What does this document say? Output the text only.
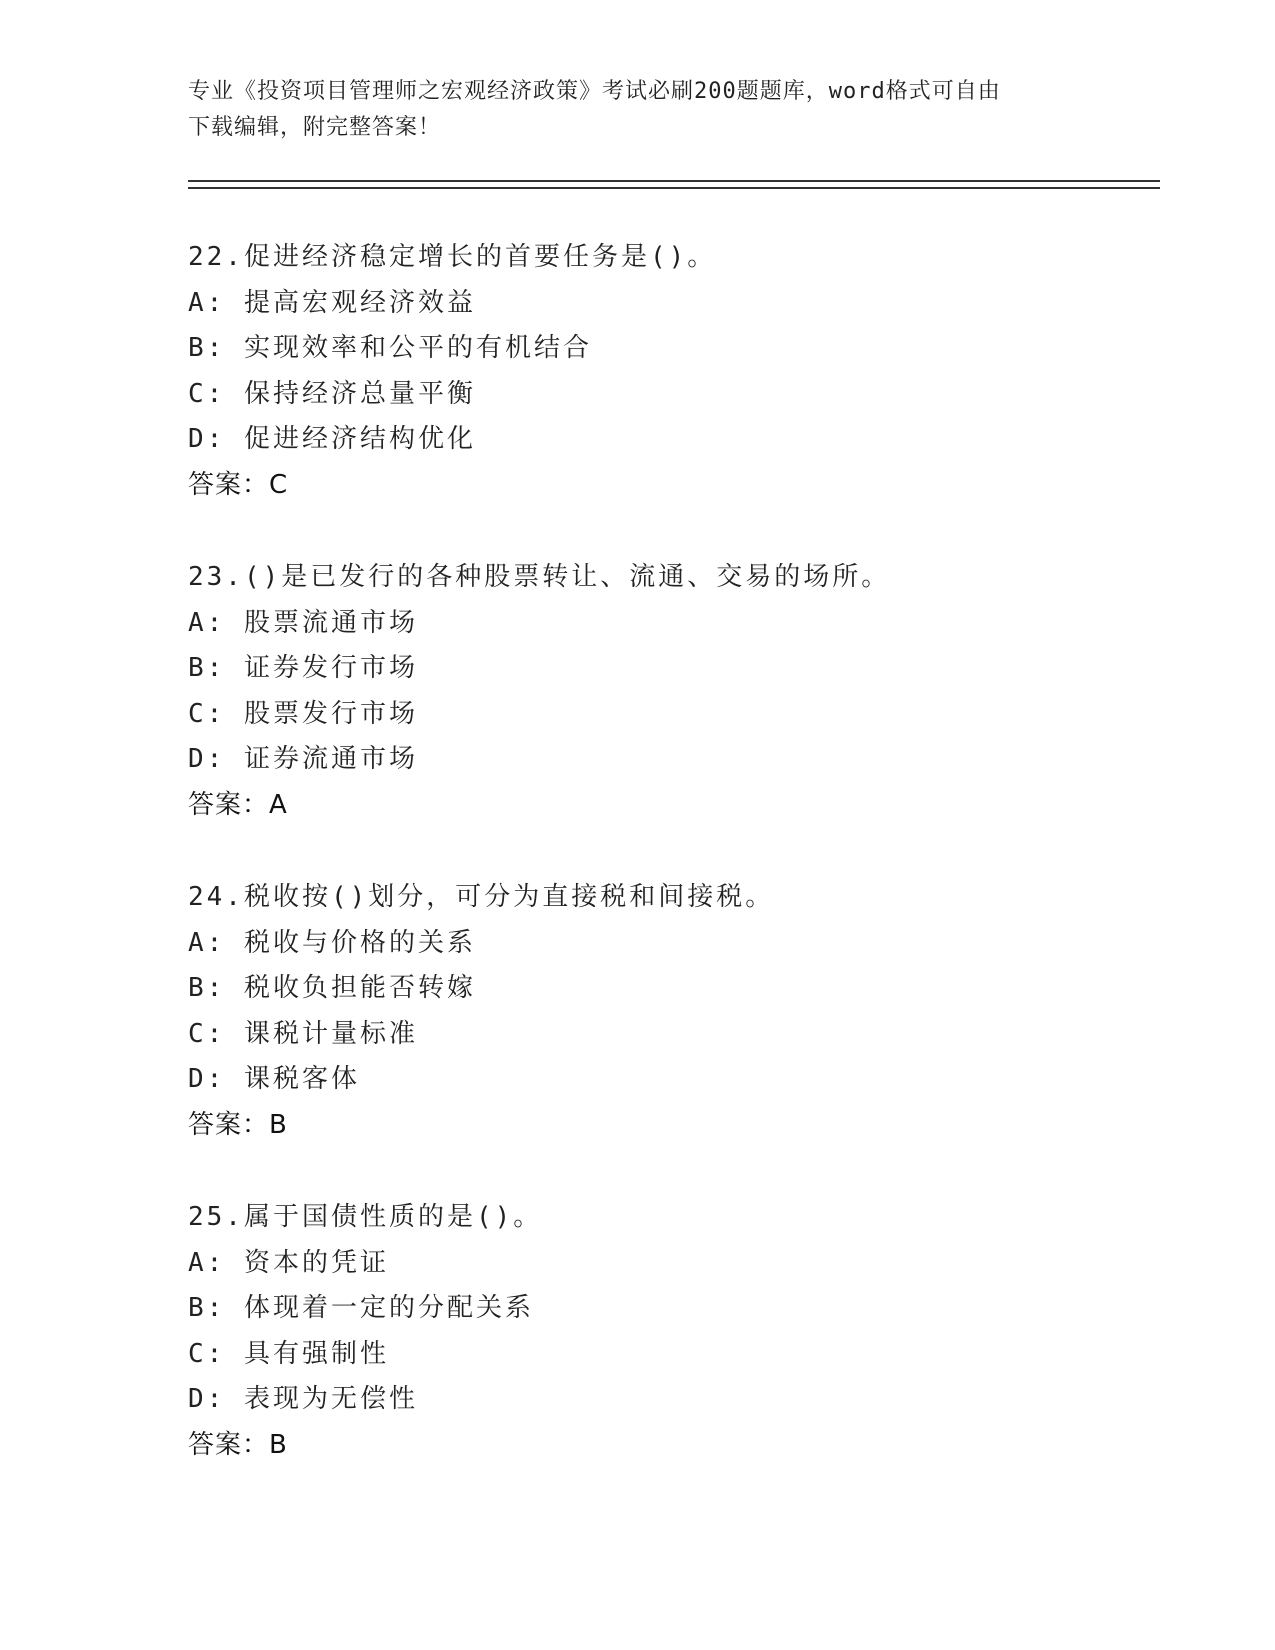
专业《投资项目管理师之宏观经济政策》考试必刷200题题库，word格式可自由
下载编辑，附完整答案！
22.促进经济稳定增长的首要任务是()。
A: 提高宏观经济效益
B: 实现效率和公平的有机结合
C: 保持经济总量平衡
D: 促进经济结构优化
答案：C
23.()是已发行的各种股票转让、流通、交易的场所。
A: 股票流通市场
B: 证券发行市场
C: 股票发行市场
D: 证券流通市场
答案：A
24.税收按()划分，可分为直接税和间接税。
A: 税收与价格的关系
B: 税收负担能否转嫁
C: 课税计量标准
D: 课税客体
答案：B
25.属于国债性质的是()。
A: 资本的凭证
B: 体现着一定的分配关系
C: 具有强制性
D: 表现为无偿性
答案：B
